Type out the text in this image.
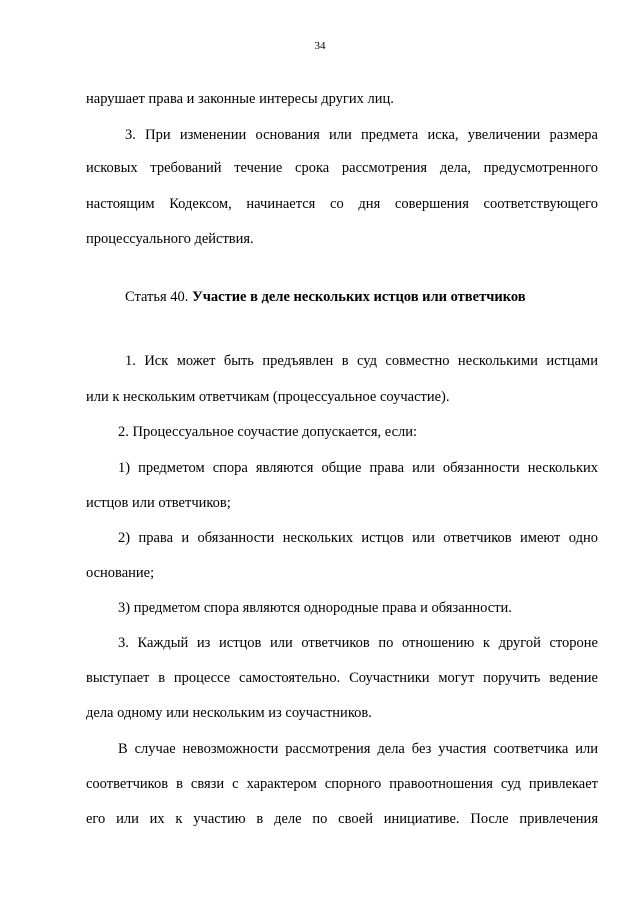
34
нарушает права и законные интересы других лиц.
3. При изменении основания или предмета иска, увеличении размера
исковых требований течение срока рассмотрения дела, предусмотренного
настоящим Кодексом, начинается со дня совершения соответствующего
процессуального действия.
Статья 40. Участие в деле нескольких истцов или ответчиков
1. Иск может быть предъявлен в суд совместно несколькими истцами
или к нескольким ответчикам (процессуальное соучастие).
2. Процессуальное соучастие допускается, если:
1) предметом спора являются общие права или обязанности нескольких
истцов или ответчиков;
2) права и обязанности нескольких истцов или ответчиков имеют одно
основание;
3) предметом спора являются однородные права и обязанности.
3. Каждый из истцов или ответчиков по отношению к другой стороне
выступает в процессе самостоятельно. Соучастники могут поручить ведение
дела одному или нескольким из соучастников.
В случае невозможности рассмотрения дела без участия соответчика или
соответчиков в связи с характером спорного правоотношения суд привлекает
его или их к участию в деле по своей инициативе. После привлечения
